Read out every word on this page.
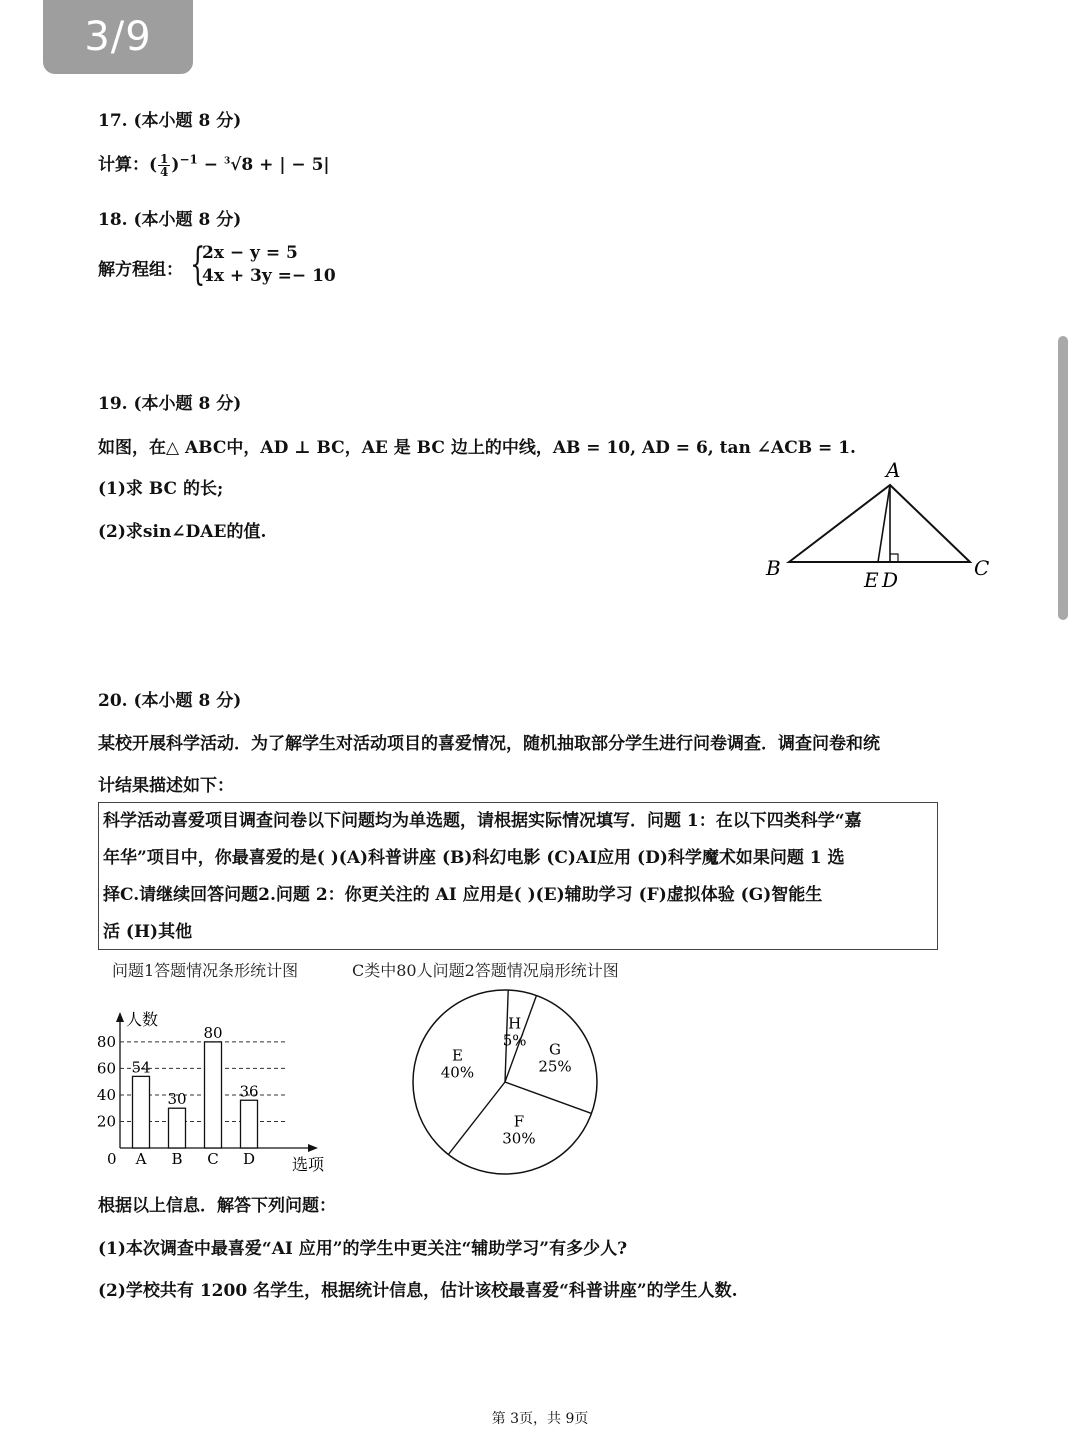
3/9
17. (本小题 8 分)
计算：( $\frac{1}{4} )^{-1} - ^3√8$ + | − 5|
18. (本小题 8 分)
解方程组： {
2x − y = 5
4x + 3y =− 10
19. (本小题 8 分)
如图，在△ ABC中，AD ⊥ BC，AE 是 BC 边上的中线，AB = 10, AD = 6, tan ∠ACB = 1.
(1)求 BC 的长;
(2)求sin∠DAE的值.
A
B	C
E D
20. (本小题 8 分)
某校开展科学活动．为了解学生对活动项目的喜爱情况，随机抽取部分学生进行问卷调查．调查问卷和统
计结果描述如下：
科学活动喜爱项目调查问卷以下问题均为单选题，请根据实际情况填写．问题 1：在以下四类科学“嘉
年华”项目中，你最喜爱的是( )(A)科普讲座 (B)科幻电影 (C)AI应用 (D)科学魔术如果问题 1 选
择C.请继续回答问题2.问题 2：你更关注的 AI 应用是( )(E)辅助学习 (F)虚拟体验 (G)智能生
活 (H)其他
问题1答题情况条形统计图	C类中80人问题2答题情况扇形统计图
人数
选项
0
20
40
60
80
54
A
30
B
80
C
36
D
H
5%
G
25%
F
30%
E
40%
根据以上信息．解答下列问题：
(1)本次调查中最喜爱“AI 应用”的学生中更关注“辅助学习”有多少人?
(2)学校共有 1200 名学生，根据统计信息，估计该校最喜爱“科普讲座”的学生人数.
第 3页，共 9页
